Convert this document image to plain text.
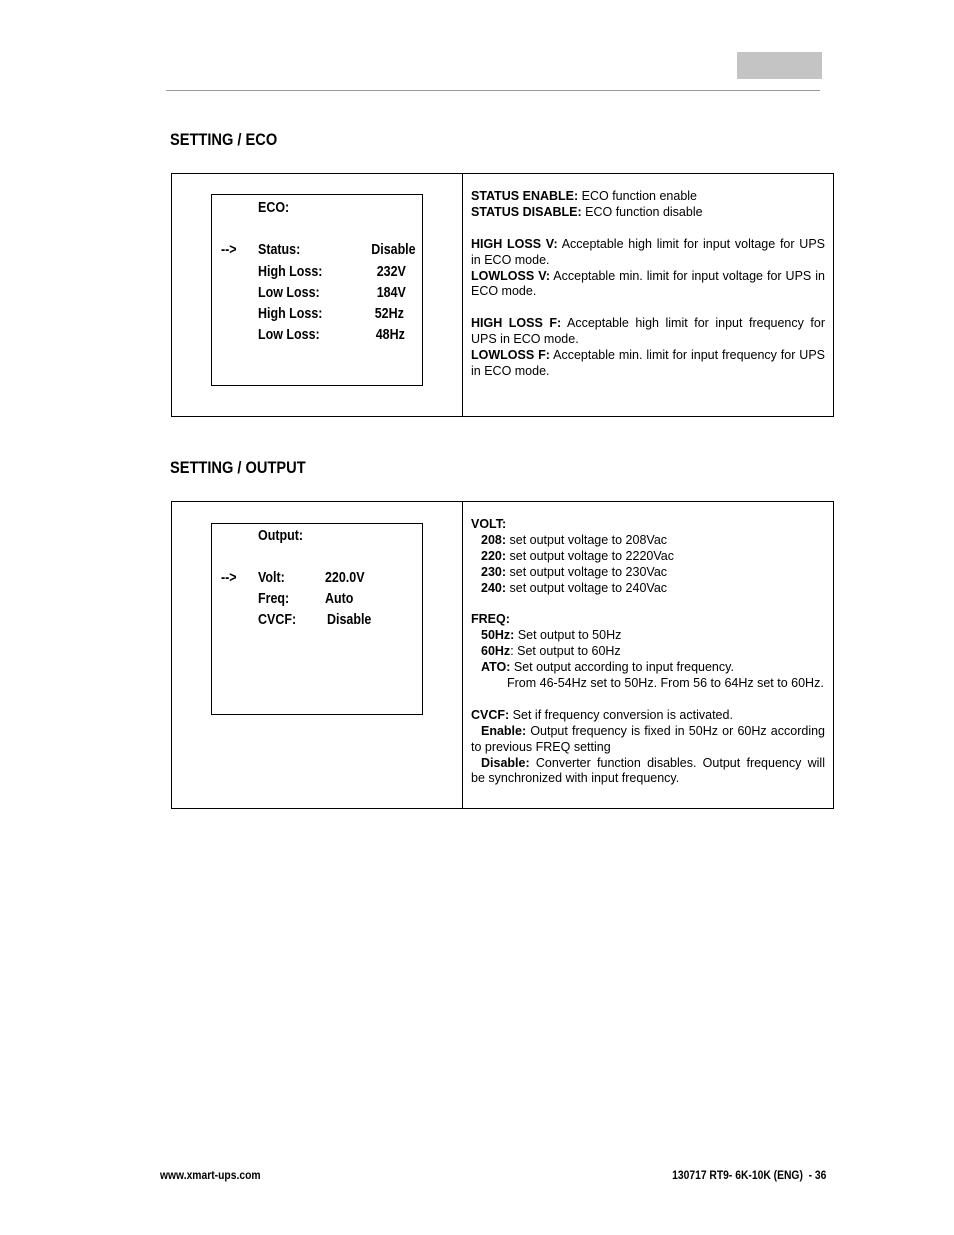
SETTING / ECO
ECO:
--> Status:	Disable
High Loss:	232V
Low Loss:	184V
High Loss:	52Hz
Low Loss:	48Hz
STATUS ENABLE: ECO function enable
STATUS DISABLE: ECO function disable
HIGH LOSS V: Acceptable high limit for input voltage for UPS in ECO mode.
LOWLOSS V: Acceptable min. limit for input voltage for UPS in ECO mode.
HIGH LOSS F: Acceptable high limit for input frequency for UPS in ECO mode.
LOWLOSS F: Acceptable min. limit for input frequency for UPS in ECO mode.
SETTING / OUTPUT
Output:
--> Volt:	220.0V
Freq: Auto
CVCF: Disable
VOLT:
208: set output voltage to 208Vac
220: set output voltage to 2220Vac
230: set output voltage to 230Vac
240: set output voltage to 240Vac
FREQ:
50Hz: Set output to 50Hz
60Hz: Set output to 60Hz
ATO: Set output according to input frequency.
From 46-54Hz set to 50Hz. From 56 to 64Hz set to 60Hz.
CVCF: Set if frequency conversion is activated.
Enable: Output frequency is fixed in 50Hz or 60Hz according to previous FREQ setting
Disable: Converter function disables. Output frequency will be synchronized with input frequency.
www.xmart-ups.com	130717 RT9- 6K-10K (ENG)  - 36
